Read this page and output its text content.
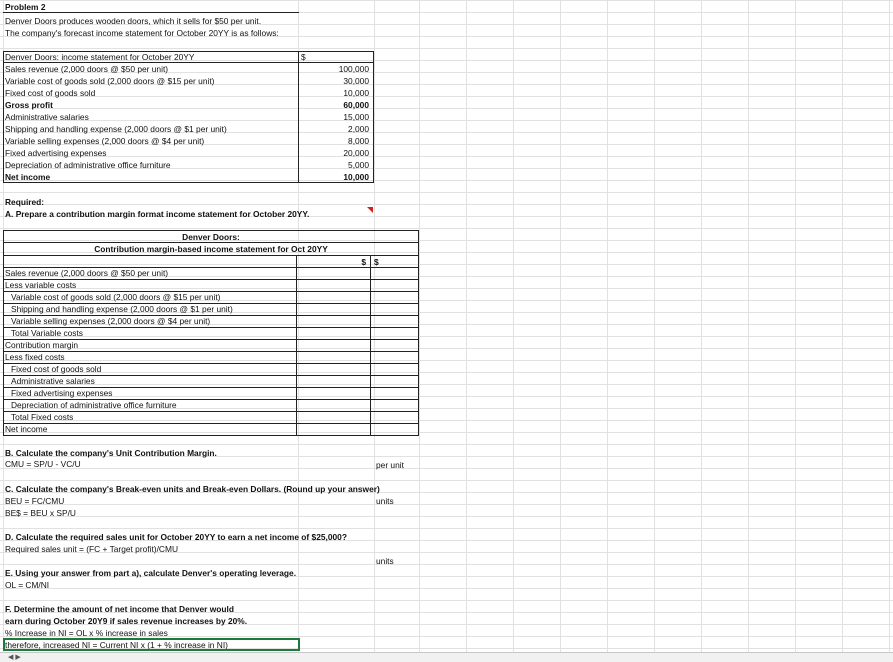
Problem 2
Denver Doors produces wooden doors, which it sells for $50 per unit.
The company's forecast income statement for October 20YY is as follows:
$
Denver Doors: income statement for October 20YY
Sales revenue (2,000 doors @ $50 per unit)	100,000
Variable cost of goods sold (2,000 doors @ $15 per unit)	30,000
Fixed cost of goods sold	10,000
Gross profit	60,000
Administrative salaries	15,000
Shipping and handling expense (2,000 doors @ $1 per unit)	2,000
Variable selling expenses (2,000 doors @ $4 per unit)	8,000
Fixed advertising expenses	20,000
Depreciation of administrative office furniture	5,000
Net income	10,000
Required:
A. Prepare a contribution margin format income statement for October 20YY.
Denver Doors:
Contribution margin-based income statement for Oct 20YY
$ $
Sales revenue (2,000 doors @ $50 per unit)
Less variable costs
Variable cost of goods sold (2,000 doors @ $15 per unit)
Shipping and handling expense (2,000 doors @ $1 per unit)
Variable selling expenses (2,000 doors @ $4 per unit)
Total Variable costs
Contribution margin
Less fixed costs
Fixed cost of goods sold
Administrative salaries
Fixed advertising expenses
Depreciation of administrative office furniture
Total Fixed costs
Net income
B. Calculate the company's Unit Contribution Margin.
CMU = SP/U - VC/U	per unit
C. Calculate the company's Break-even units and Break-even Dollars. (Round up your answer)
BEU = FC/CMU	units
BE$ = BEU x SP/U
D. Calculate the required sales unit for October 20YY to earn a net income of $25,000?
Required sales unit = (FC + Target profit)/CMU
units
E. Using your answer from part a), calculate Denver's operating leverage.
OL = CM/NI
F. Determine the amount of net income that Denver would
earn during October 20Y9 if sales revenue increases by 20%.
% Increase in NI = OL x % increase in sales
therefore, increased NI = Current NI x (1 + % increase in NI)
◀ ▶
